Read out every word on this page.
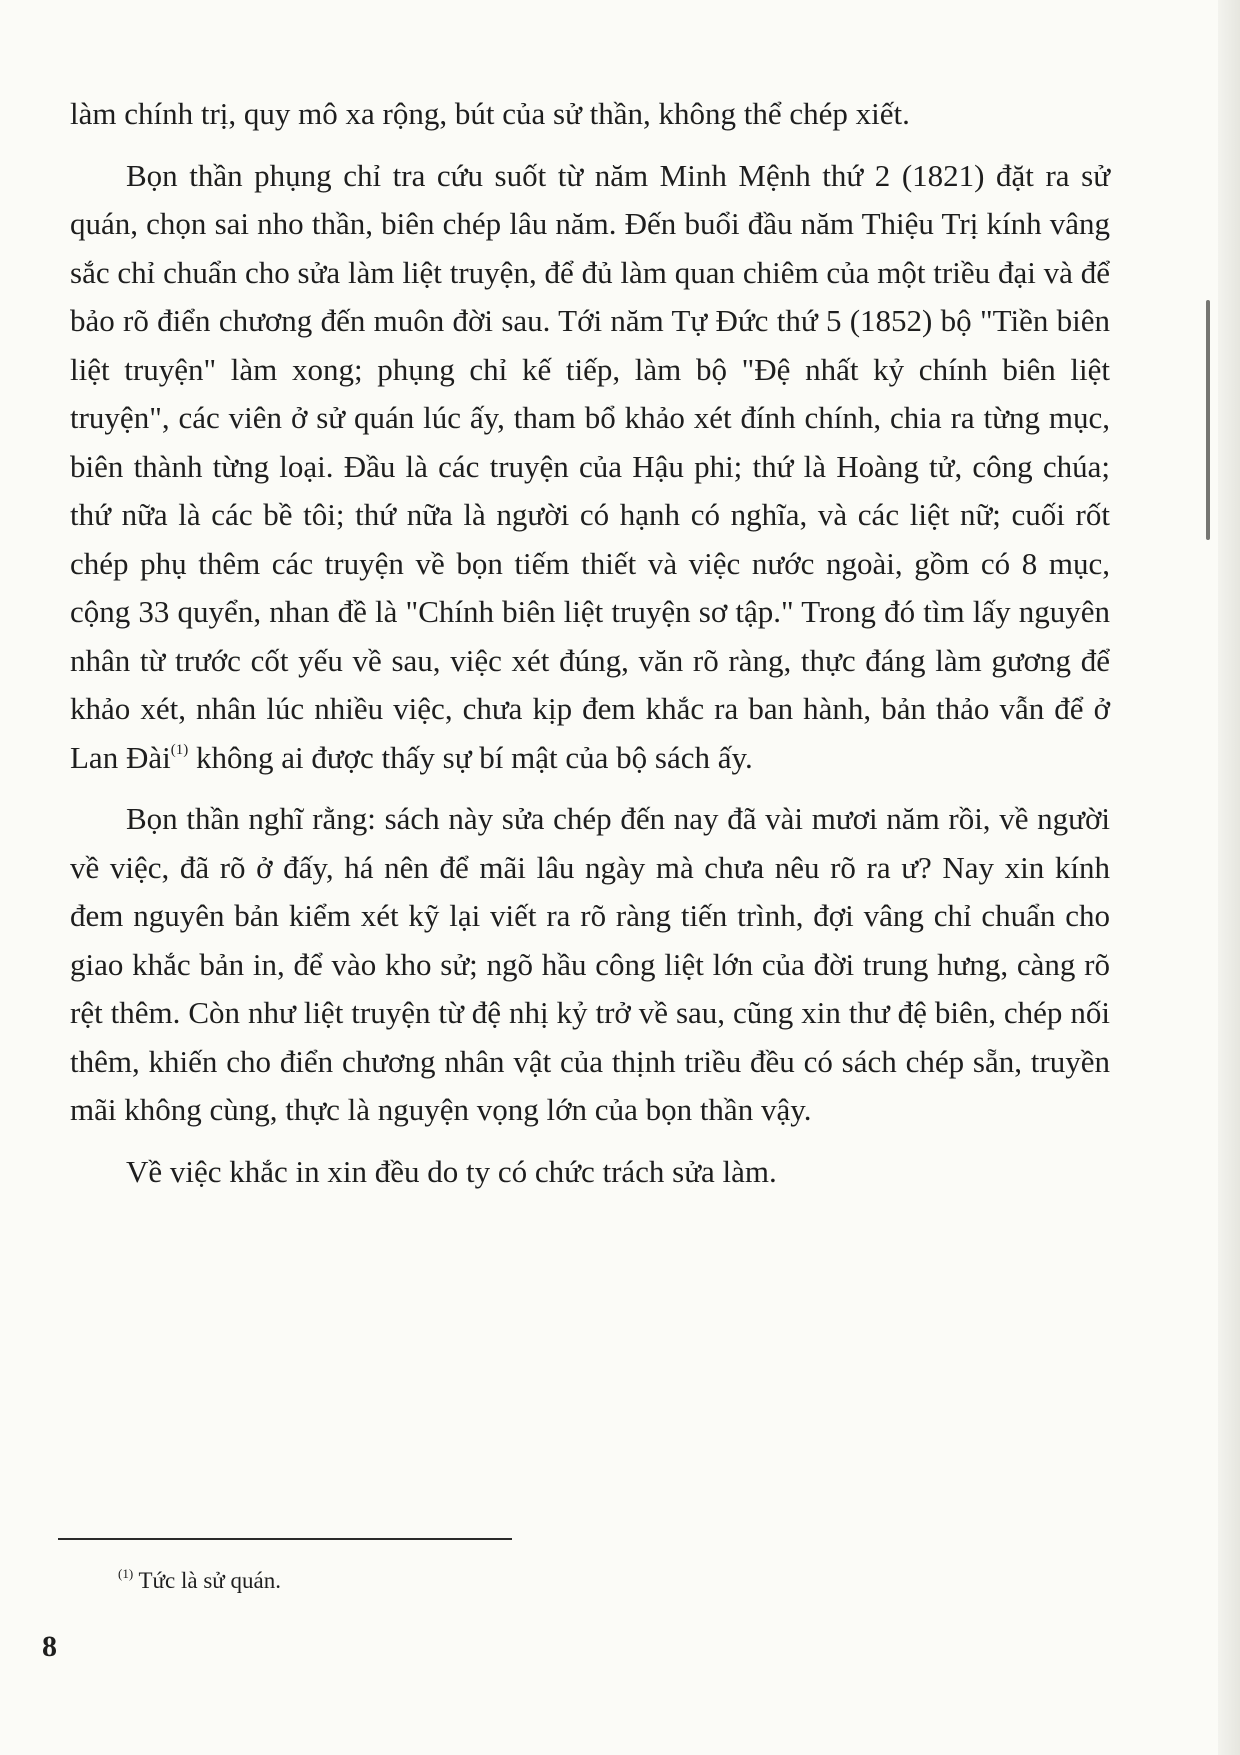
làm chính trị, quy mô xa rộng, bút của sử thần, không thể chép xiết.

Bọn thần phụng chỉ tra cứu suốt từ năm Minh Mệnh thứ 2 (1821) đặt ra sử quán, chọn sai nho thần, biên chép lâu năm. Đến buổi đầu năm Thiệu Trị kính vâng sắc chỉ chuẩn cho sửa làm liệt truyện, để đủ làm quan chiêm của một triều đại và để bảo rõ điển chương đến muôn đời sau. Tới năm Tự Đức thứ 5 (1852) bộ "Tiền biên liệt truyện" làm xong; phụng chỉ kế tiếp, làm bộ "Đệ nhất kỷ chính biên liệt truyện", các viên ở sử quán lúc ấy, tham bổ khảo xét đính chính, chia ra từng mục, biên thành từng loại. Đầu là các truyện của Hậu phi; thứ là Hoàng tử, công chúa; thứ nữa là các bề tôi; thứ nữa là người có hạnh có nghĩa, và các liệt nữ; cuối rốt chép phụ thêm các truyện về bọn tiếm thiết và việc nước ngoài, gồm có 8 mục, cộng 33 quyển, nhan đề là "Chính biên liệt truyện sơ tập." Trong đó tìm lấy nguyên nhân từ trước cốt yếu về sau, việc xét đúng, văn rõ ràng, thực đáng làm gương để khảo xét, nhân lúc nhiều việc, chưa kịp đem khắc ra ban hành, bản thảo vẫn để ở Lan Đài$^{(1)}$ không ai được thấy sự bí mật của bộ sách ấy.

Bọn thần nghĩ rằng: sách này sửa chép đến nay đã vài mươi năm rồi, về người về việc, đã rõ ở đấy, há nên để mãi lâu ngày mà chưa nêu rõ ra ư? Nay xin kính đem nguyên bản kiểm xét kỹ lại viết ra rõ ràng tiến trình, đợi vâng chỉ chuẩn cho giao khắc bản in, để vào kho sử; ngõ hầu công liệt lớn của đời trung hưng, càng rõ rệt thêm. Còn như liệt truyện từ đệ nhị kỷ trở về sau, cũng xin thư đệ biên, chép nối thêm, khiến cho điển chương nhân vật của thịnh triều đều có sách chép sẵn, truyền mãi không cùng, thực là nguyện vọng lớn của bọn thần vậy.

Về việc khắc in xin đều do ty có chức trách sửa làm.

$^{(1)}$ Tức là sử quán.
8
